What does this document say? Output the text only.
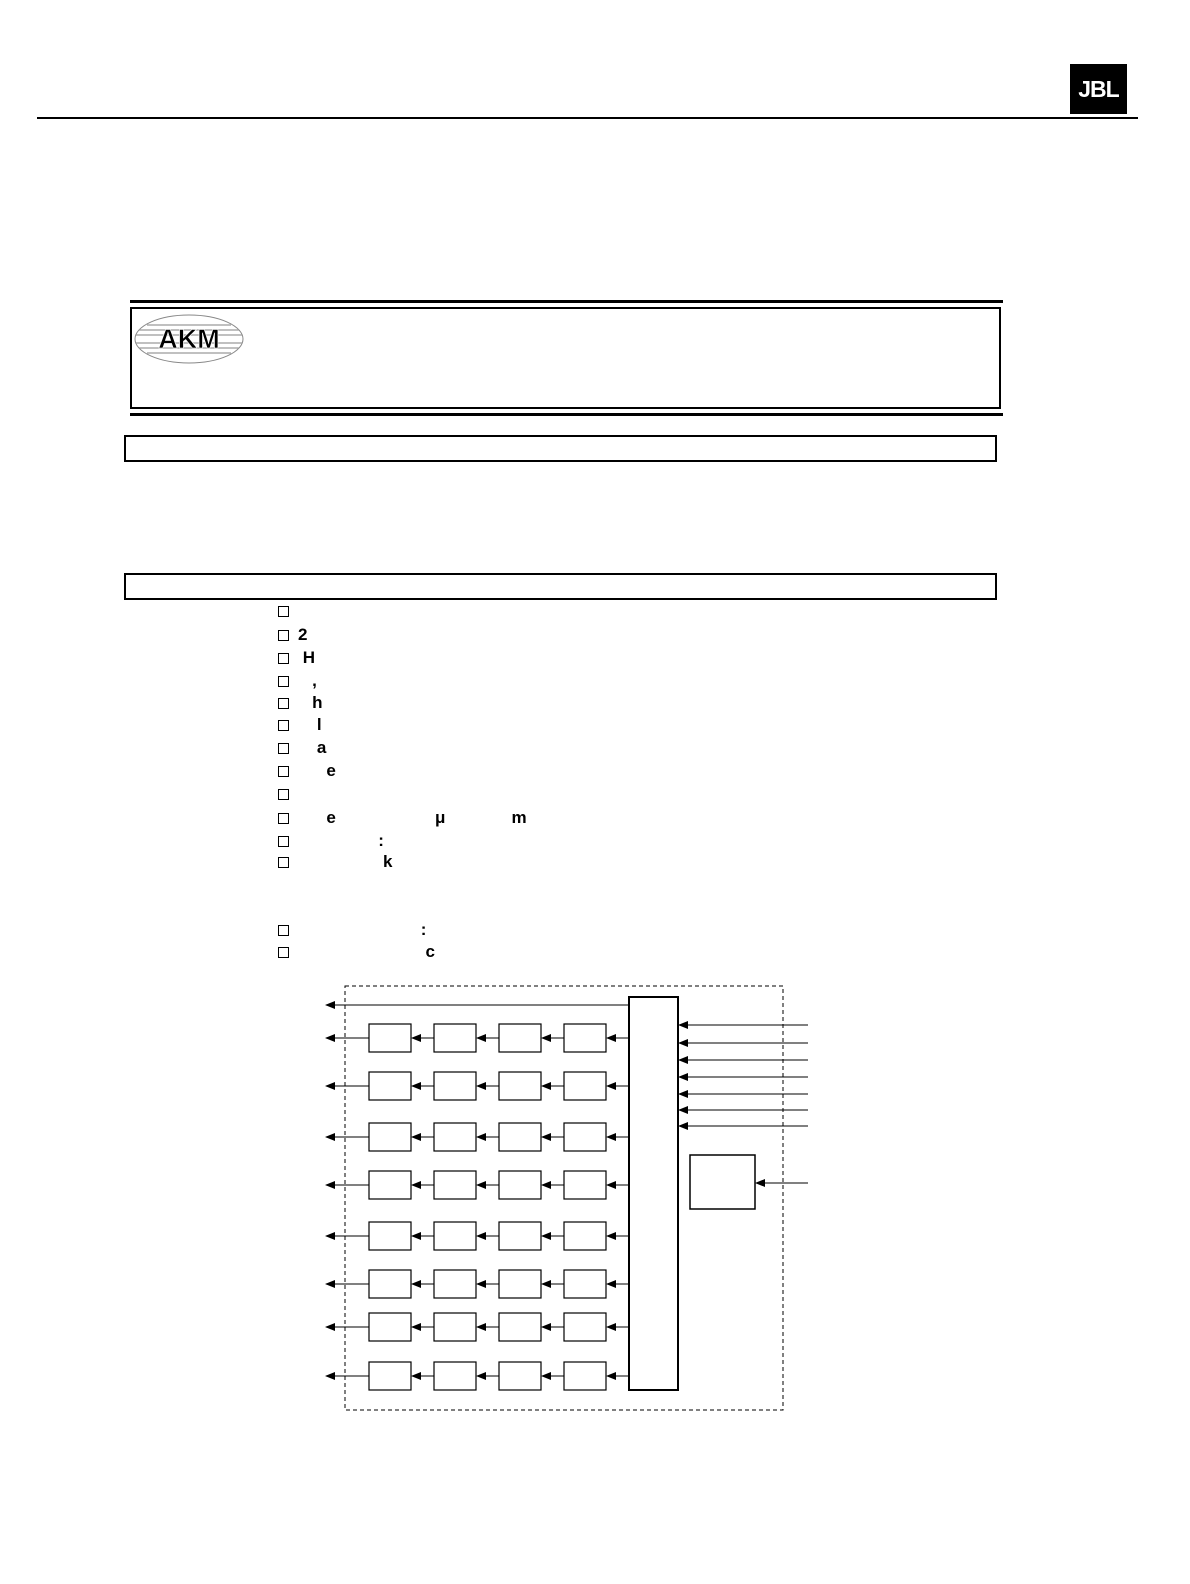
JBL
AKM
2
H
,
h
l
a
e
e                     μ              m
:
k
:
c
